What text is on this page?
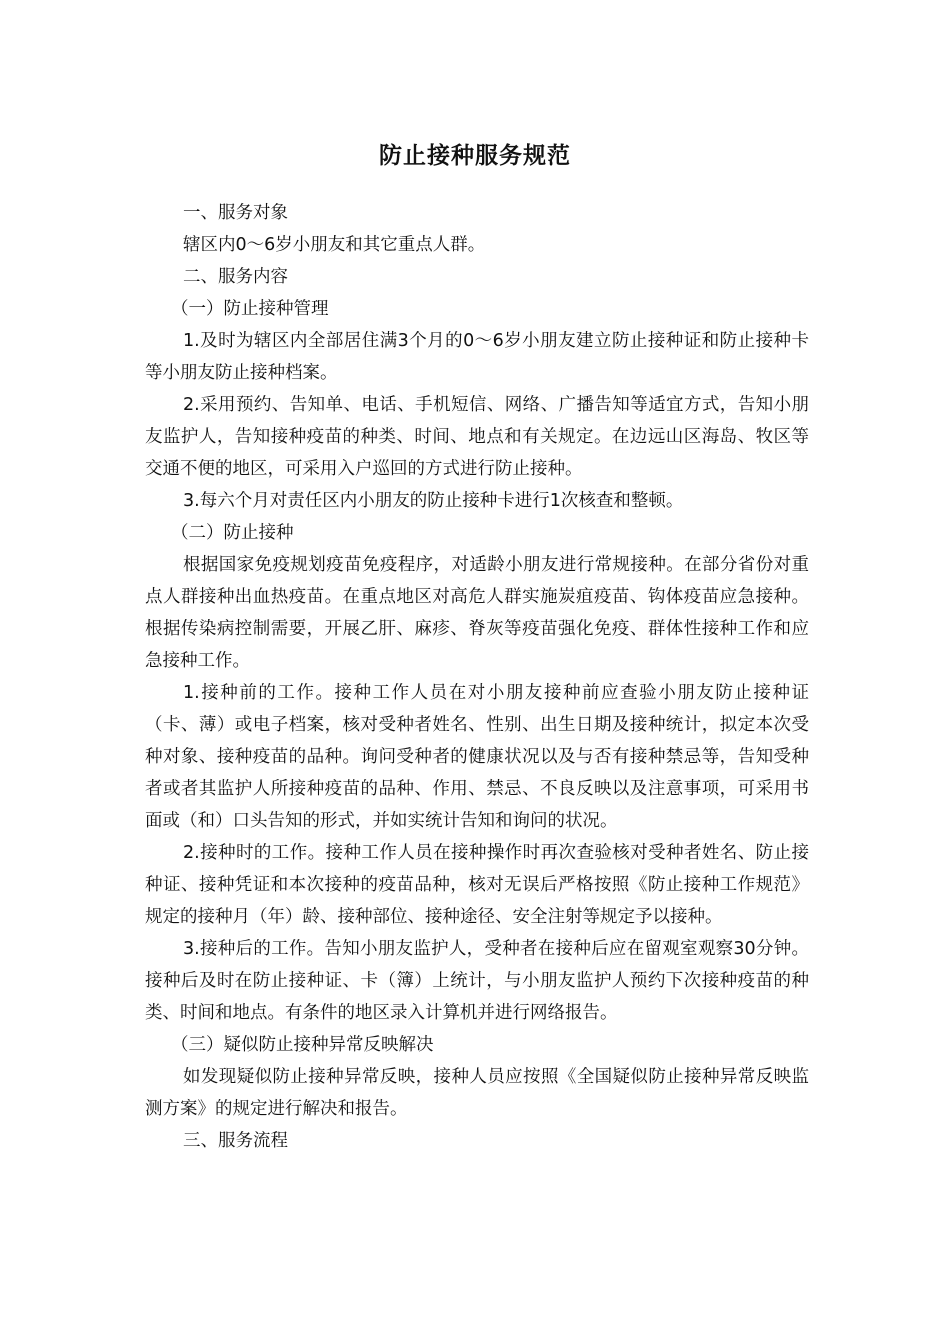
防止接种服务规范

一、服务对象

辖区内0～6岁小朋友和其它重点人群。

二、服务内容

（一）防止接种管理

1.及时为辖区内全部居住满3个月的0～6岁小朋友建立防止接种证和防止接种卡等小朋友防止接种档案。

2.采用预约、告知单、电话、手机短信、网络、广播告知等适宜方式，告知小朋友监护人，告知接种疫苗的种类、时间、地点和有关规定。在边远山区海岛、牧区等交通不便的地区，可采用入户巡回的方式进行防止接种。

3.每六个月对责任区内小朋友的防止接种卡进行1次核查和整顿。

（二）防止接种

根据国家免疫规划疫苗免疫程序，对适龄小朋友进行常规接种。在部分省份对重点人群接种出血热疫苗。在重点地区对高危人群实施炭疽疫苗、钩体疫苗应急接种。根据传染病控制需要，开展乙肝、麻疹、脊灰等疫苗强化免疫、群体性接种工作和应急接种工作。

1.接种前的工作。接种工作人员在对小朋友接种前应查验小朋友防止接种证（卡、薄）或电子档案，核对受种者姓名、性别、出生日期及接种统计，拟定本次受种对象、接种疫苗的品种。询问受种者的健康状况以及与否有接种禁忌等，告知受种者或者其监护人所接种疫苗的品种、作用、禁忌、不良反映以及注意事项，可采用书面或（和）口头告知的形式，并如实统计告知和询问的状况。

2.接种时的工作。接种工作人员在接种操作时再次查验核对受种者姓名、防止接种证、接种凭证和本次接种的疫苗品种，核对无误后严格按照《防止接种工作规范》规定的接种月（年）龄、接种部位、接种途径、安全注射等规定予以接种。

3.接种后的工作。告知小朋友监护人，受种者在接种后应在留观室观察30分钟。接种后及时在防止接种证、卡（簿）上统计，与小朋友监护人预约下次接种疫苗的种类、时间和地点。有条件的地区录入计算机并进行网络报告。

（三）疑似防止接种异常反映解决

如发现疑似防止接种异常反映，接种人员应按照《全国疑似防止接种异常反映监测方案》的规定进行解决和报告。

三、服务流程
